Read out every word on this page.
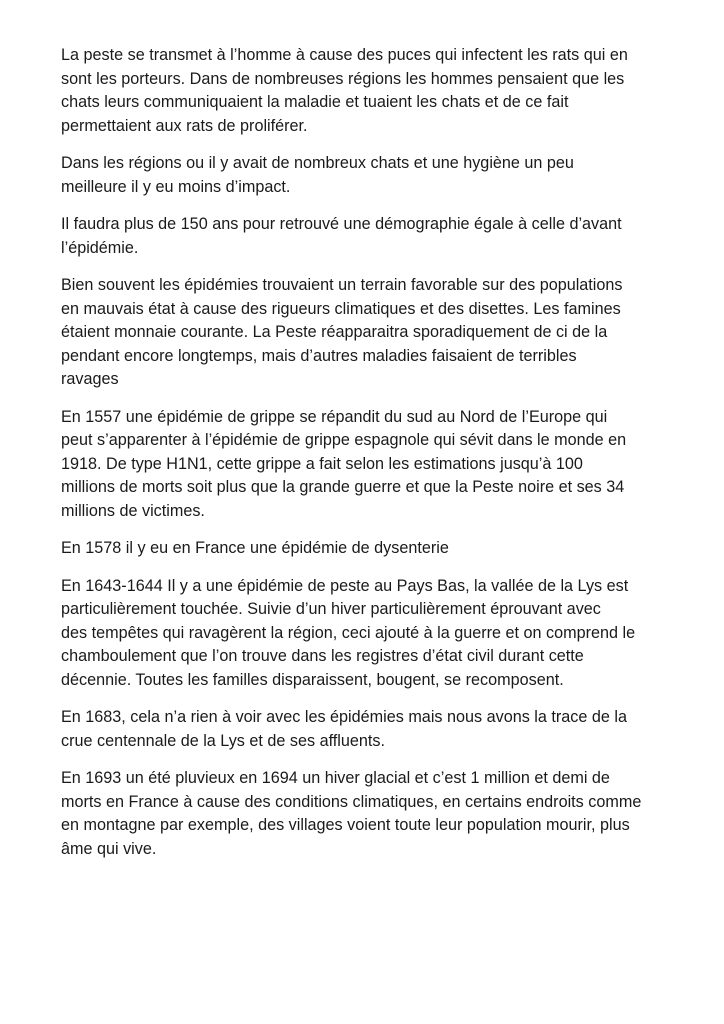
La peste se transmet à l’homme à cause des puces qui infectent les rats qui en
sont les porteurs. Dans de nombreuses régions les hommes pensaient que les
chats leurs communiquaient la maladie et tuaient les chats et de ce fait
permettaient aux rats de proliférer.

Dans les régions ou il y avait de nombreux chats et une hygiène un peu
meilleure il y eu moins d’impact.

Il faudra plus de 150 ans pour retrouvé une démographie égale à celle d’avant
l’épidémie.

Bien souvent les épidémies trouvaient un terrain favorable sur des populations
en mauvais état à cause des rigueurs climatiques et des disettes. Les famines
étaient monnaie courante. La Peste réapparaitra sporadiquement de ci de la
pendant encore longtemps, mais d’autres maladies faisaient de terribles
ravages

En 1557 une épidémie de grippe se répandit du sud au Nord de l’Europe qui
peut s’apparenter à l’épidémie de grippe espagnole qui sévit dans le monde en
1918. De type H1N1, cette grippe a fait selon les estimations jusqu’à 100
millions de morts soit plus que la grande guerre et que la Peste noire et ses 34
millions de victimes.

En 1578 il y eu en France une épidémie de dysenterie

En 1643-1644 Il y a une épidémie de peste au Pays Bas, la vallée de la Lys est
particulièrement touchée. Suivie d’un hiver particulièrement éprouvant avec
des tempêtes qui ravagèrent la région, ceci ajouté à la guerre et on comprend le
chamboulement que l’on trouve dans les registres d’état civil durant cette
décennie. Toutes les familles disparaissent, bougent, se recomposent.

En 1683, cela n’a rien à voir avec les épidémies mais nous avons la trace de la
crue centennale de la Lys et de ses affluents.

En 1693 un été pluvieux en 1694 un hiver glacial et c’est 1 million et demi de
morts en France à cause des conditions climatiques, en certains endroits comme
en montagne par exemple, des villages voient toute leur population mourir, plus
âme qui vive.
